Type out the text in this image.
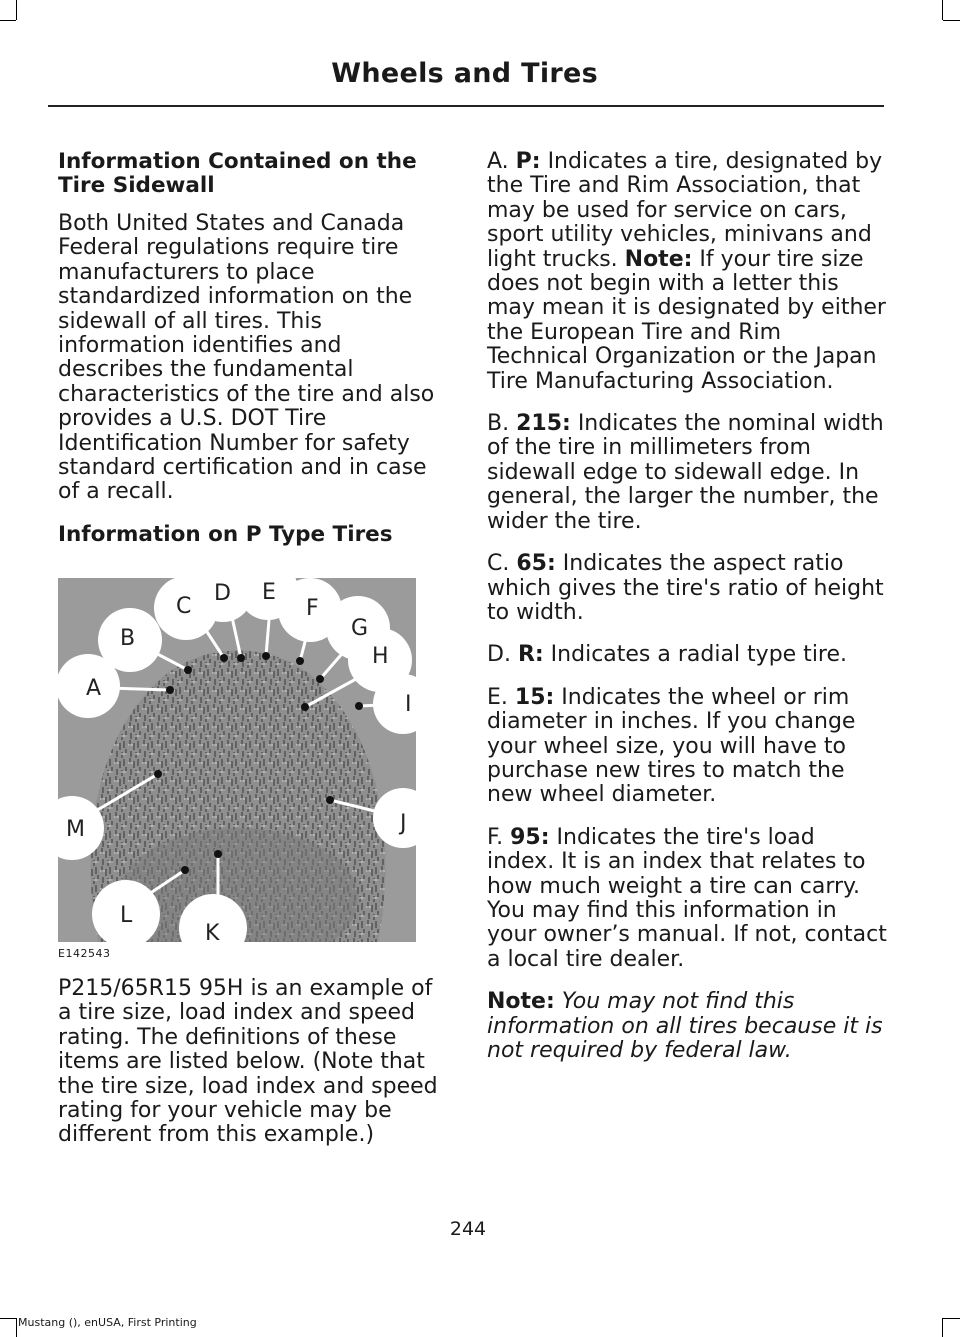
Wheels and Tires

Information Contained on the Tire Sidewall

Both United States and Canada Federal regulations require tire manufacturers to place standardized information on the sidewall of all tires. This information identifies and describes the fundamental characteristics of the tire and also provides a U.S. DOT Tire Identification Number for safety standard certification and in case of a recall.

Information on P Type Tires

A
B
C
D E
F
G
H
I
J
K
L
M
E142543

P215/65R15 95H is an example of a tire size, load index and speed rating. The definitions of these items are listed below. (Note that the tire size, load index and speed rating for your vehicle may be different from this example.)

A. P: Indicates a tire, designated by the Tire and Rim Association, that may be used for service on cars, sport utility vehicles, minivans and light trucks. Note: If your tire size does not begin with a letter this may mean it is designated by either the European Tire and Rim Technical Organization or the Japan Tire Manufacturing Association.

B. 215: Indicates the nominal width of the tire in millimeters from sidewall edge to sidewall edge. In general, the larger the number, the wider the tire.

C. 65: Indicates the aspect ratio which gives the tire's ratio of height to width.

D. R: Indicates a radial type tire.

E. 15: Indicates the wheel or rim diameter in inches. If you change your wheel size, you will have to purchase new tires to match the new wheel diameter.

F. 95: Indicates the tire's load index. It is an index that relates to how much weight a tire can carry. You may find this information in your owner’s manual. If not, contact a local tire dealer.

Note: You may not find this information on all tires because it is not required by federal law.

244
Mustang (), enUSA, First Printing
